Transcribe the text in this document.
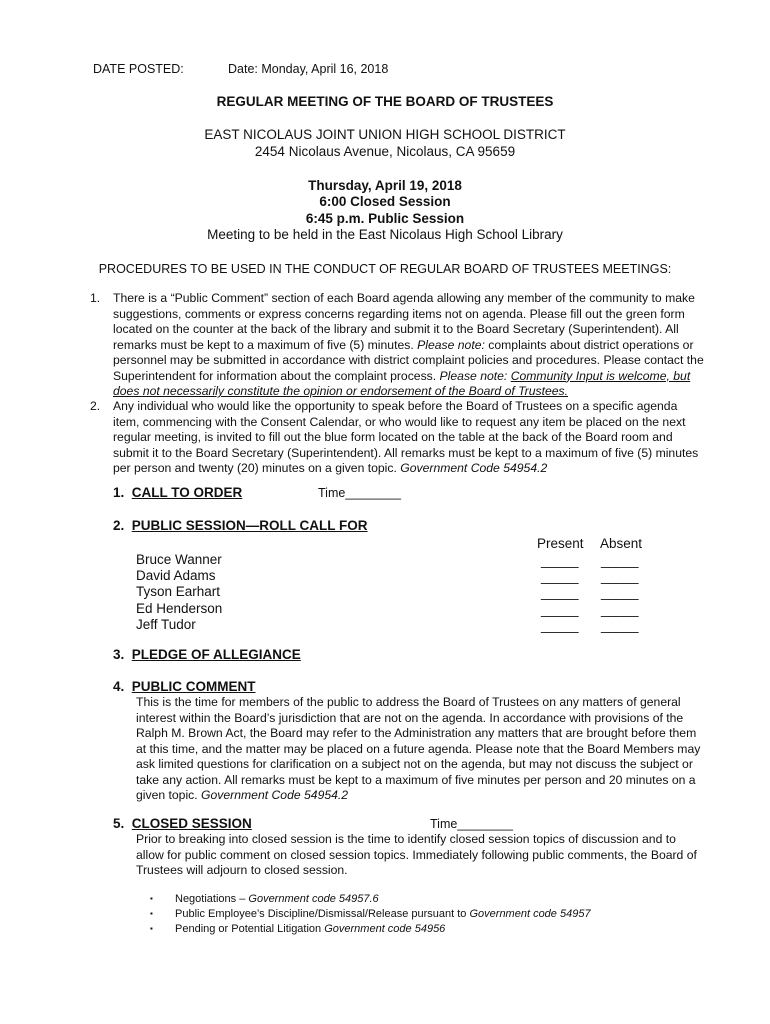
DATE POSTED:	Date: Monday, April 16, 2018
REGULAR MEETING OF THE BOARD OF TRUSTEES
EAST NICOLAUS JOINT UNION HIGH SCHOOL DISTRICT
2454 Nicolaus Avenue, Nicolaus, CA 95659
Thursday, April 19, 2018
6:00 Closed Session
6:45 p.m. Public Session
Meeting to be held in the East Nicolaus High School Library
PROCEDURES TO BE USED IN THE CONDUCT OF REGULAR BOARD OF TRUSTEES MEETINGS:
1. There is a “Public Comment” section of each Board agenda allowing any member of the community to make
suggestions, comments or express concerns regarding items not on agenda. Please fill out the green form
located on the counter at the back of the library and submit it to the Board Secretary (Superintendent). All
remarks must be kept to a maximum of five (5) minutes. Please note: complaints about district operations or
personnel may be submitted in accordance with district complaint policies and procedures. Please contact the
Superintendent for information about the complaint process. Please note: Community Input is welcome, but
does not necessarily constitute the opinion or endorsement of the Board of Trustees.
2. Any individual who would like the opportunity to speak before the Board of Trustees on a specific agenda
item, commencing with the Consent Calendar, or who would like to request any item be placed on the next
regular meeting, is invited to fill out the blue form located on the table at the back of the Board room and
submit it to the Board Secretary (Superintendent). All remarks must be kept to a maximum of five (5) minutes
per person and twenty (20) minutes on a given topic. Government Code 54954.2
1. CALL TO ORDER	Time________
2. PUBLIC SESSION—ROLL CALL FOR
Present Absent
Bruce Wanner	_____ _____
David Adams	_____ _____
Tyson Earhart	_____ _____
Ed Henderson	_____ _____
Jeff Tudor	_____ _____
3. PLEDGE OF ALLEGIANCE
4. PUBLIC COMMENT
This is the time for members of the public to address the Board of Trustees on any matters of general
interest within the Board’s jurisdiction that are not on the agenda. In accordance with provisions of the
Ralph M. Brown Act, the Board may refer to the Administration any matters that are brought before them
at this time, and the matter may be placed on a future agenda. Please note that the Board Members may
ask limited questions for clarification on a subject not on the agenda, but may not discuss the subject or
take any action. All remarks must be kept to a maximum of five minutes per person and 20 minutes on a
given topic. Government Code 54954.2
5. CLOSED SESSION	Time________
Prior to breaking into closed session is the time to identify closed session topics of discussion and to
allow for public comment on closed session topics. Immediately following public comments, the Board of
Trustees will adjourn to closed session.
▪ Negotiations – Government code 54957.6
▪ Public Employee’s Discipline/Dismissal/Release pursuant to Government code 54957
▪ Pending or Potential Litigation Government code 54956
